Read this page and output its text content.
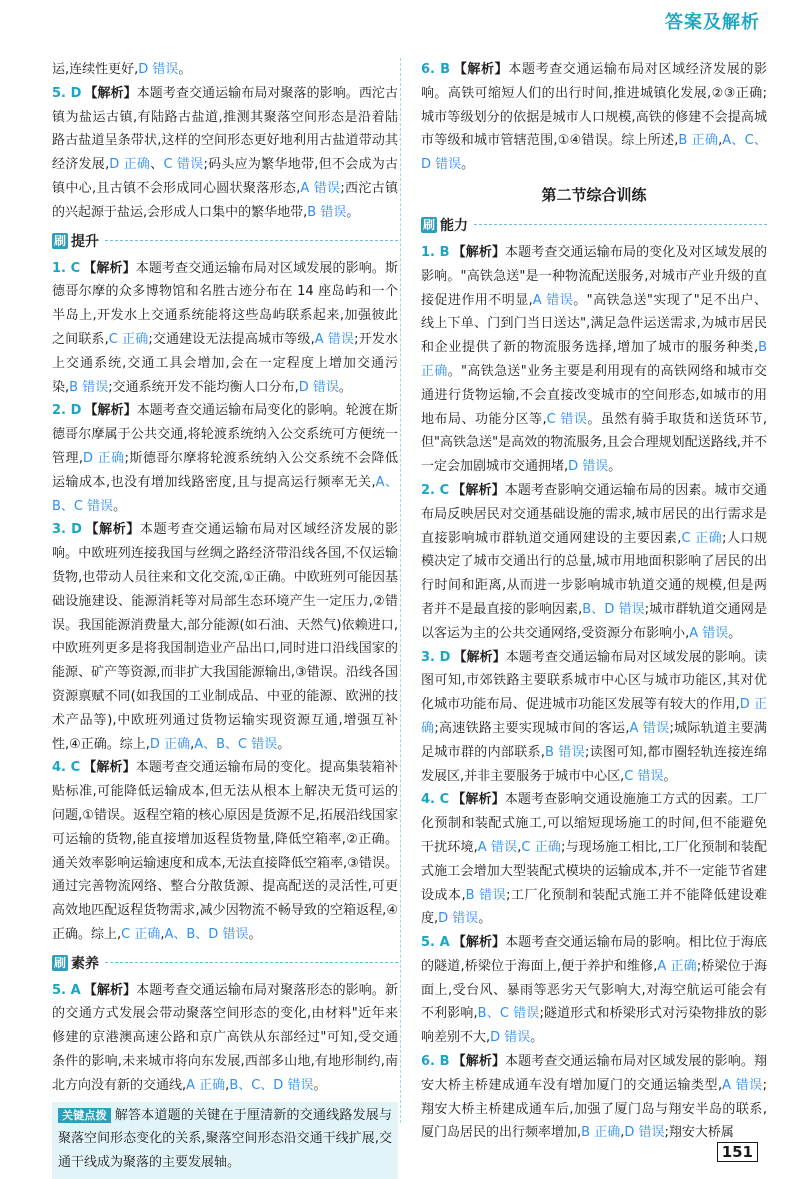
答案及解析

运,连续性更好,D 错误。

5. D 【解析】本题考查交通运输布局对聚落的影响。西沱古镇为盐运古镇,有陆路古盐道,推测其聚落空间形态是沿着陆路古盐道呈条带状,这样的空间形态更好地利用古盐道带动其经济发展,D 正确、C 错误;码头应为繁华地带,但不会成为古镇中心,且古镇不会形成同心圆状聚落形态,A 错误;西沱古镇的兴起源于盐运,会形成人口集中的繁华地带,B 错误。

刷 提升

1. C 【解析】本题考查交通运输布局对区域发展的影响。斯德哥尔摩的众多博物馆和名胜古迹分布在 14 座岛屿和一个半岛上,开发水上交通系统能将这些岛屿联系起来,加强彼此之间联系,C 正确;交通建设无法提高城市等级,A 错误;开发水上交通系统,交通工具会增加,会在一定程度上增加交通污染,B 错误;交通系统开发不能均衡人口分布,D 错误。

2. D 【解析】本题考查交通运输布局变化的影响。轮渡在斯德哥尔摩属于公共交通,将轮渡系统纳入公交系统可方便统一管理,D 正确;斯德哥尔摩将轮渡系统纳入公交系统不会降低运输成本,也没有增加线路密度,且与提高运行频率无关,A、B、C 错误。

3. D 【解析】本题考查交通运输布局对区域经济发展的影响。中欧班列连接我国与丝绸之路经济带沿线各国,不仅运输货物,也带动人员往来和文化交流,①正确。中欧班列可能因基础设施建设、能源消耗等对局部生态环境产生一定压力,②错误。我国能源消费量大,部分能源(如石油、天然气)依赖进口,中欧班列更多是将我国制造业产品出口,同时进口沿线国家的能源、矿产等资源,而非扩大我国能源输出,③错误。沿线各国资源禀赋不同(如我国的工业制成品、中亚的能源、欧洲的技术产品等),中欧班列通过货物运输实现资源互通,增强互补性,④正确。综上,D 正确,A、B、C 错误。

4. C 【解析】本题考查交通运输布局的变化。提高集装箱补贴标准,可能降低运输成本,但无法从根本上解决无货可运的问题,①错误。返程空箱的核心原因是货源不足,拓展沿线国家可运输的货物,能直接增加返程货物量,降低空箱率,②正确。通关效率影响运输速度和成本,无法直接降低空箱率,③错误。通过完善物流网络、整合分散货源、提高配送的灵活性,可更高效地匹配返程货物需求,减少因物流不畅导致的空箱返程,④正确。综上,C 正确,A、B、D 错误。

刷 素养

5. A 【解析】本题考查交通运输布局对聚落形态的影响。新的交通方式发展会带动聚落空间形态的变化,由材料"近年来修建的京港澳高速公路和京广高铁从东部经过"可知,受交通条件的影响,未来城市将向东发展,西部多山地,有地形制约,南北方向没有新的交通线,A 正确,B、C、D 错误。

关键点拨 解答本道题的关键在于厘清新的交通线路发展与聚落空间形态变化的关系,聚落空间形态沿交通干线扩展,交通干线成为聚落的主要发展轴。

6. B 【解析】本题考查交通运输布局对区域经济发展的影响。高铁可缩短人们的出行时间,推进城镇化发展,②③正确;城市等级划分的依据是城市人口规模,高铁的修建不会提高城市等级和城市管辖范围,①④错误。综上所述,B 正确,A、C、D 错误。

第二节综合训练
刷 能力

1. B 【解析】本题考查交通运输布局的变化及对区域发展的影响。"高铁急送"是一种物流配送服务,对城市产业升级的直接促进作用不明显,A 错误。"高铁急送"实现了"足不出户、线上下单、门到门当日送达",满足急件运送需求,为城市居民和企业提供了新的物流服务选择,增加了城市的服务种类,B 正确。"高铁急送"业务主要是利用现有的高铁网络和城市交通进行货物运输,不会直接改变城市的空间形态,如城市的用地布局、功能分区等,C 错误。虽然有骑手取货和送货环节,但"高铁急送"是高效的物流服务,且会合理规划配送路线,并不一定会加剧城市交通拥堵,D 错误。

2. C 【解析】本题考查影响交通运输布局的因素。城市交通布局反映居民对交通基础设施的需求,城市居民的出行需求是直接影响城市群轨道交通网建设的主要因素,C 正确;人口规模决定了城市交通出行的总量,城市用地面积影响了居民的出行时间和距离,从而进一步影响城市轨道交通的规模,但是两者并不是最直接的影响因素,B、D 错误;城市群轨道交通网是以客运为主的公共交通网络,受资源分布影响小,A 错误。

3. D 【解析】本题考查交通运输布局对区域发展的影响。读图可知,市郊铁路主要联系城市中心区与城市功能区,其对优化城市功能布局、促进城市功能区发展等有较大的作用,D 正确;高速铁路主要实现城市间的客运,A 错误;城际轨道主要满足城市群的内部联系,B 错误;读图可知,都市圈轻轨连接连绵发展区,并非主要服务于城市中心区,C 错误。

4. C 【解析】本题考查影响交通设施施工方式的因素。工厂化预制和装配式施工,可以缩短现场施工的时间,但不能避免干扰环境,A 错误,C 正确;与现场施工相比,工厂化预制和装配式施工会增加大型装配式模块的运输成本,并不一定能节省建设成本,B 错误;工厂化预制和装配式施工并不能降低建设难度,D 错误。

5. A 【解析】本题考查交通运输布局的影响。相比位于海底的隧道,桥梁位于海面上,便于养护和维修,A 正确;桥梁位于海面上,受台风、暴雨等恶劣天气影响大,对海空航运可能会有不利影响,B、C 错误;隧道形式和桥梁形式对污染物排放的影响差别不大,D 错误。

6. B 【解析】本题考查交通运输布局对区域发展的影响。翔安大桥主桥建成通车没有增加厦门的交通运输类型,A 错误;翔安大桥主桥建成通车后,加强了厦门岛与翔安半岛的联系,厦门岛居民的出行频率增加,B 正确,D 错误;翔安大桥属

151
